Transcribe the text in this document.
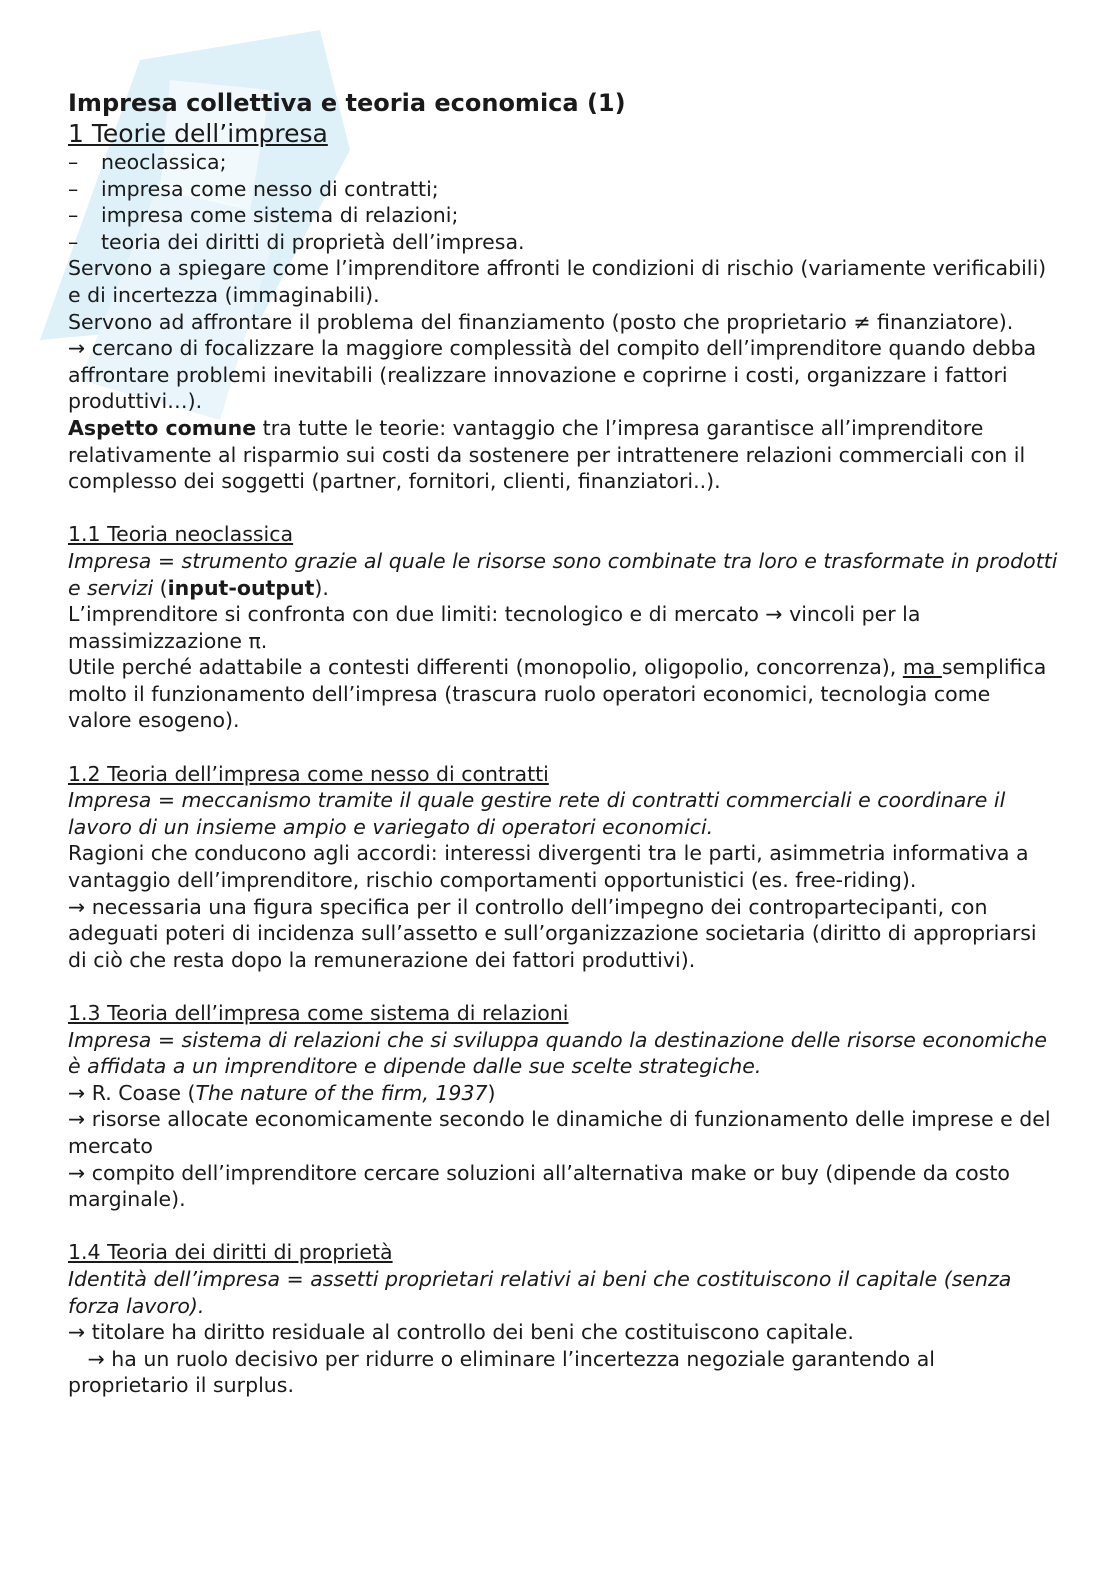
Impresa collettiva e teoria economica (1)

1 Teorie dell’impresa

–	neoclassica;
–	impresa come nesso di contratti;
–	impresa come sistema di relazioni;
–	teoria dei diritti di proprietà dell’impresa.

Servono a spiegare come l’imprenditore affronti le condizioni di rischio (variamente verificabili) e di incertezza (immaginabili).

Servono ad affrontare il problema del finanziamento (posto che proprietario ≠ finanziatore).

→ cercano di focalizzare la maggiore complessità del compito dell’imprenditore quando debba affrontare problemi inevitabili (realizzare innovazione e coprirne i costi, organizzare i fattori produttivi…).

Aspetto comune tra tutte le teorie: vantaggio che l’impresa garantisce all’imprenditore relativamente al risparmio sui costi da sostenere per intrattenere relazioni commerciali con il complesso dei soggetti (partner, fornitori, clienti, finanziatori..).

1.1 Teoria neoclassica

Impresa = strumento grazie al quale le risorse sono combinate tra loro e trasformate in prodotti e servizi (input-output).

L’imprenditore si confronta con due limiti: tecnologico e di mercato → vincoli per la massimizzazione π.

Utile perché adattabile a contesti differenti (monopolio, oligopolio, concorrenza), ma semplifica molto il funzionamento dell’impresa (trascura ruolo operatori economici, tecnologia come valore esogeno).

1.2 Teoria dell’impresa come nesso di contratti

Impresa = meccanismo tramite il quale gestire rete di contratti commerciali e coordinare il lavoro di un insieme ampio e variegato di operatori economici.

Ragioni che conducono agli accordi: interessi divergenti tra le parti, asimmetria informativa a vantaggio dell’imprenditore, rischio comportamenti opportunistici (es. free-riding).

→ necessaria una figura specifica per il controllo dell’impegno dei contropartecipanti, con adeguati poteri di incidenza sull’assetto e sull’organizzazione societaria (diritto di appropriarsi di ciò che resta dopo la remunerazione dei fattori produttivi).

1.3 Teoria dell’impresa come sistema di relazioni

Impresa = sistema di relazioni che si sviluppa quando la destinazione delle risorse economiche è affidata a un imprenditore e dipende dalle sue scelte strategiche.

→ R. Coase (The nature of the firm, 1937)

→ risorse allocate economicamente secondo le dinamiche di funzionamento delle imprese e del mercato

→ compito dell’imprenditore cercare soluzioni all’alternativa make or buy (dipende da costo marginale).

1.4 Teoria dei diritti di proprietà

Identità dell’impresa = assetti proprietari relativi ai beni che costituiscono il capitale (senza forza lavoro).

→ titolare ha diritto residuale al controllo dei beni che costituiscono capitale.

→ ha un ruolo decisivo per ridurre o eliminare l’incertezza negoziale garantendo al proprietario il surplus.
